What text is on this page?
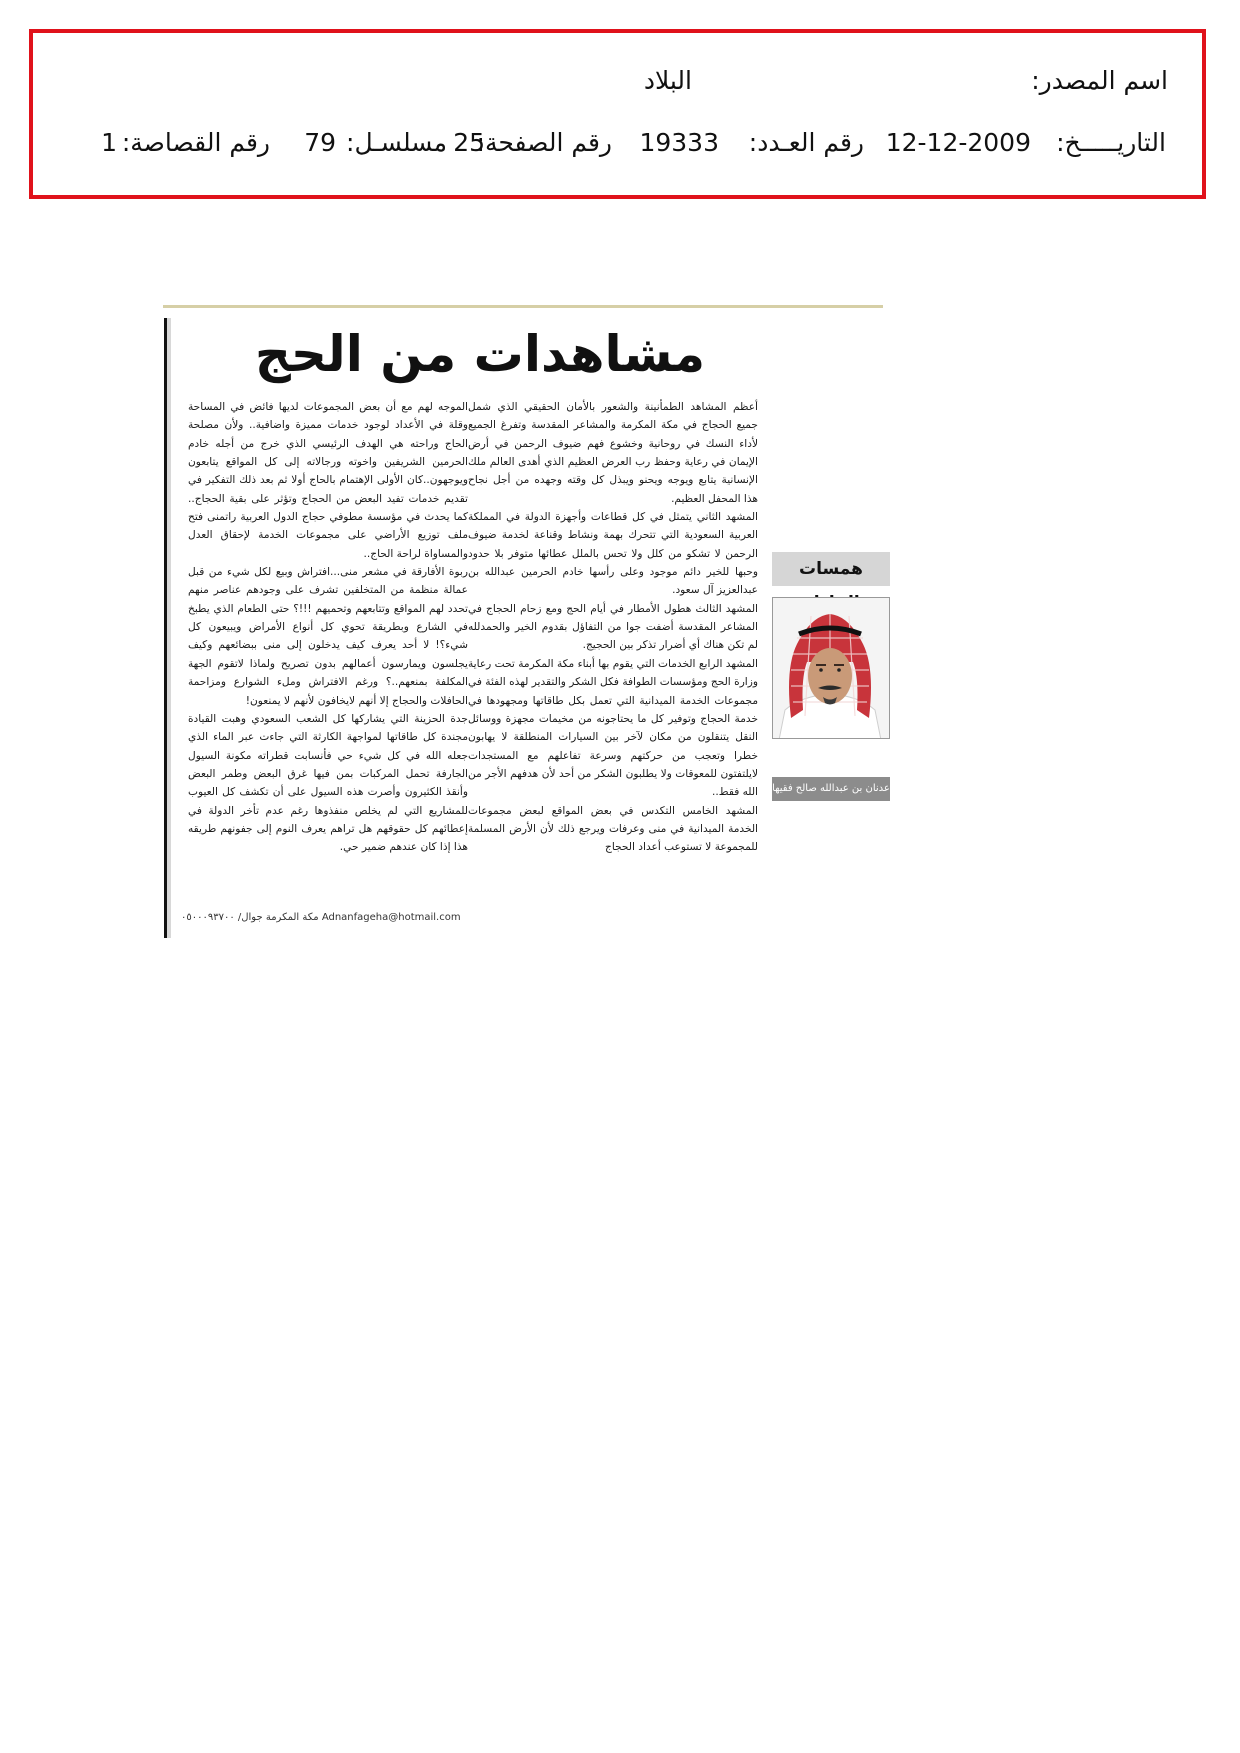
اسم المصدر:
البلاد
التاريـــــخ:
12-12-2009
رقم العـدد:
19333
رقم الصفحة:
25
مسلسـل:
79
رقم القصاصة:
1
مشاهدات من الحج
همسات
عدنان بن عبدالله صالح فقيها

أعظم المشاهد الطمأنينة والشعور بالأمان الحقيقي الذي شمل جميع الحجاج في مكة المكرمة والمشاعر المقدسة وتفرغ الجميع لأداء النسك في روحانية وخشوع فهم ضيوف الرحمن في أرض الإيمان في رعاية وحفظ رب العرض العظيم الذي أهدى العالم ملك الإنسانية يتابع ويوجه ويحنو ويبذل كل وقته وجهده من أجل نجاح هذا المحفل العظيم.

المشهد الثاني يتمثل في كل قطاعات وأجهزة الدولة في المملكة العربية السعودية التي تتحرك بهمة ونشاط وقناعة لخدمة ضيوف الرحمن لا تشكو من كلل ولا تحس بالملل عطائها متوفر بلا حدود وحبها للخير دائم موجود وعلى رأسها خادم الحرمين عبدالله بن عبدالعزيز آل سعود.

المشهد الثالث هطول الأمطار في أيام الحج ومع زحام الحجاج في المشاعر المقدسة أضفت جوا من التفاؤل بقدوم الخير والحمدلله لم تكن هناك أي أضرار تذكر بين الحجيج.

المشهد الرابع الخدمات التي يقوم بها أبناء مكة المكرمة تحت رعاية وزارة الحج ومؤسسات الطوافة فكل الشكر والتقدير لهذه الفئة في مجموعات الخدمة الميدانية التي تعمل بكل طاقاتها ومجهودها في خدمة الحجاج وتوفير كل ما يحتاجونه من مخيمات مجهزة ووسائل النقل يتنقلون من مكان لآخر بين السيارات المنطلقة لا يهابون خطرا وتعجب من حركتهم وسرعة تفاعلهم مع المستجدات لايلتفتون للمعوقات ولا يطلبون الشكر من أحد لأن هدفهم الأجر من الله فقط..

المشهد الخامس التكدس في بعض المواقع لبعض مجموعات الخدمة الميدانية في منى وعرفات ويرجع ذلك لأن الأرض المسلمة للمجموعة لا تستوعب أعداد الحجاج

الموجه لهم مع أن بعض المجموعات لديها فائض في المساحة وقلة في الأعداد لوجود خدمات مميزة واضافية.. ولأن مصلحة الحاج وراحته هي الهدف الرئيسي الذي خرج من أجله خادم الحرمين الشريفين واخوته ورجالاته إلى كل المواقع يتابعون ويوجهون..كان الأولى الإهتمام بالحاج أولا ثم بعد ذلك التفكير في تقديم خدمات تفيد البعض من الحجاج وتؤثر على بقية الحجاج.. كما يحدث في مؤسسة مطوفي حجاج الدول العربية راتمنى فتح ملف توزيع الأراضي على مجموعات الخدمة لإحقاق العدل والمساواة لراحة الحاج..

ربوة الأفارقة في مشعر منى...افتراش وبيع لكل شيء من قبل عمالة منظمة من المتخلفين تشرف على وجودهم عناصر منهم تحدد لهم المواقع وتتابعهم وتحميهم !!!؟ حتى الطعام الذي يطبخ في الشارع وبطريقة تحوي كل أنواع الأمراض ويبيعون كل شيء؟! لا أحد يعرف كيف يدخلون إلى منى ببضائعهم وكيف يجلسون ويمارسون أعمالهم بدون تصريح ولماذا لاتقوم الجهة المكلفة بمنعهم..؟ ورغم الافتراش وملء الشوارع ومزاحمة الحافلات والحجاج إلا أنهم لايخافون لأنهم لا يمنعون!

جدة الحزينة التي يشاركها كل الشعب السعودي وهبت القيادة مجندة كل طاقاتها لمواجهة الكارثة التي جاءت عبر الماء الذي جعله الله في كل شيء حي فأنسابت قطراته مكونة السيول الجارفة تحمل المركبات بمن فيها غرق البعض وطمر البعض وأنقذ الكثيرون وأصرت هذه السيول على أن تكشف كل العيوب للمشاريع التي لم يخلص منفذوها رغم عدم تأخر الدولة في إعطائهم كل حقوقهم هل تراهم يعرف النوم إلى جفونهم طريقه هذا إذا كان عندهم ضمير حي.

Adnanfageha@hotmail.com مكة المكرمة جوال/ ٠٥٠٠٠٩٣٧٠٠
